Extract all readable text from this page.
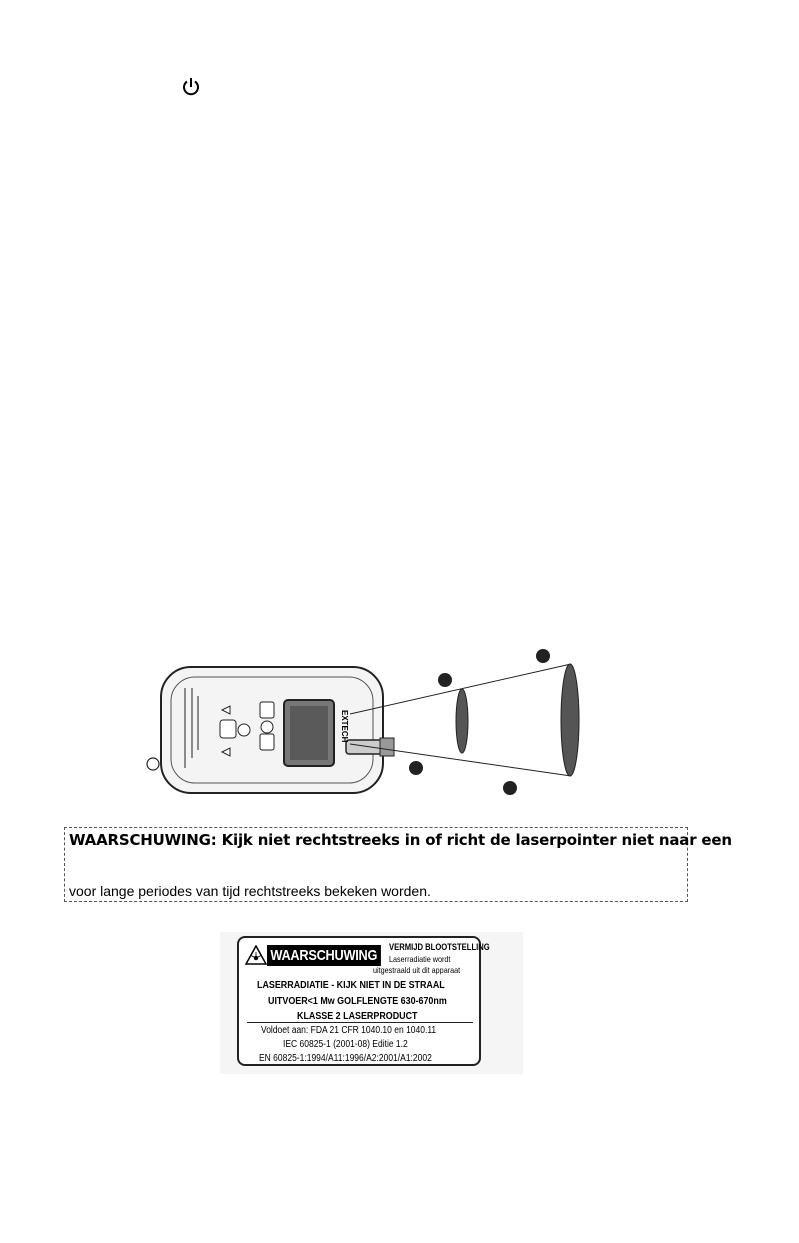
EXTECH
WAARSCHUWING: Kijk niet rechtstreeks in of richt de laserpointer niet naar een
voor lange periodes van tijd rechtstreeks bekeken worden.
WAARSCHUWING	VERMIJD BLOOTSTELLING
Laserradiatie wordt
uitgestraald uit dit apparaat
LASERRADIATIE - KIJK NIET IN DE STRAAL
UITVOER<1 Mw GOLFLENGTE 630-670nm
KLASSE 2 LASERPRODUCT
Voldoet aan: FDA 21 CFR 1040.10 en 1040.11
IEC 60825-1 (2001-08) Editie 1.2
EN 60825-1:1994/A11:1996/A2:2001/A1:2002
